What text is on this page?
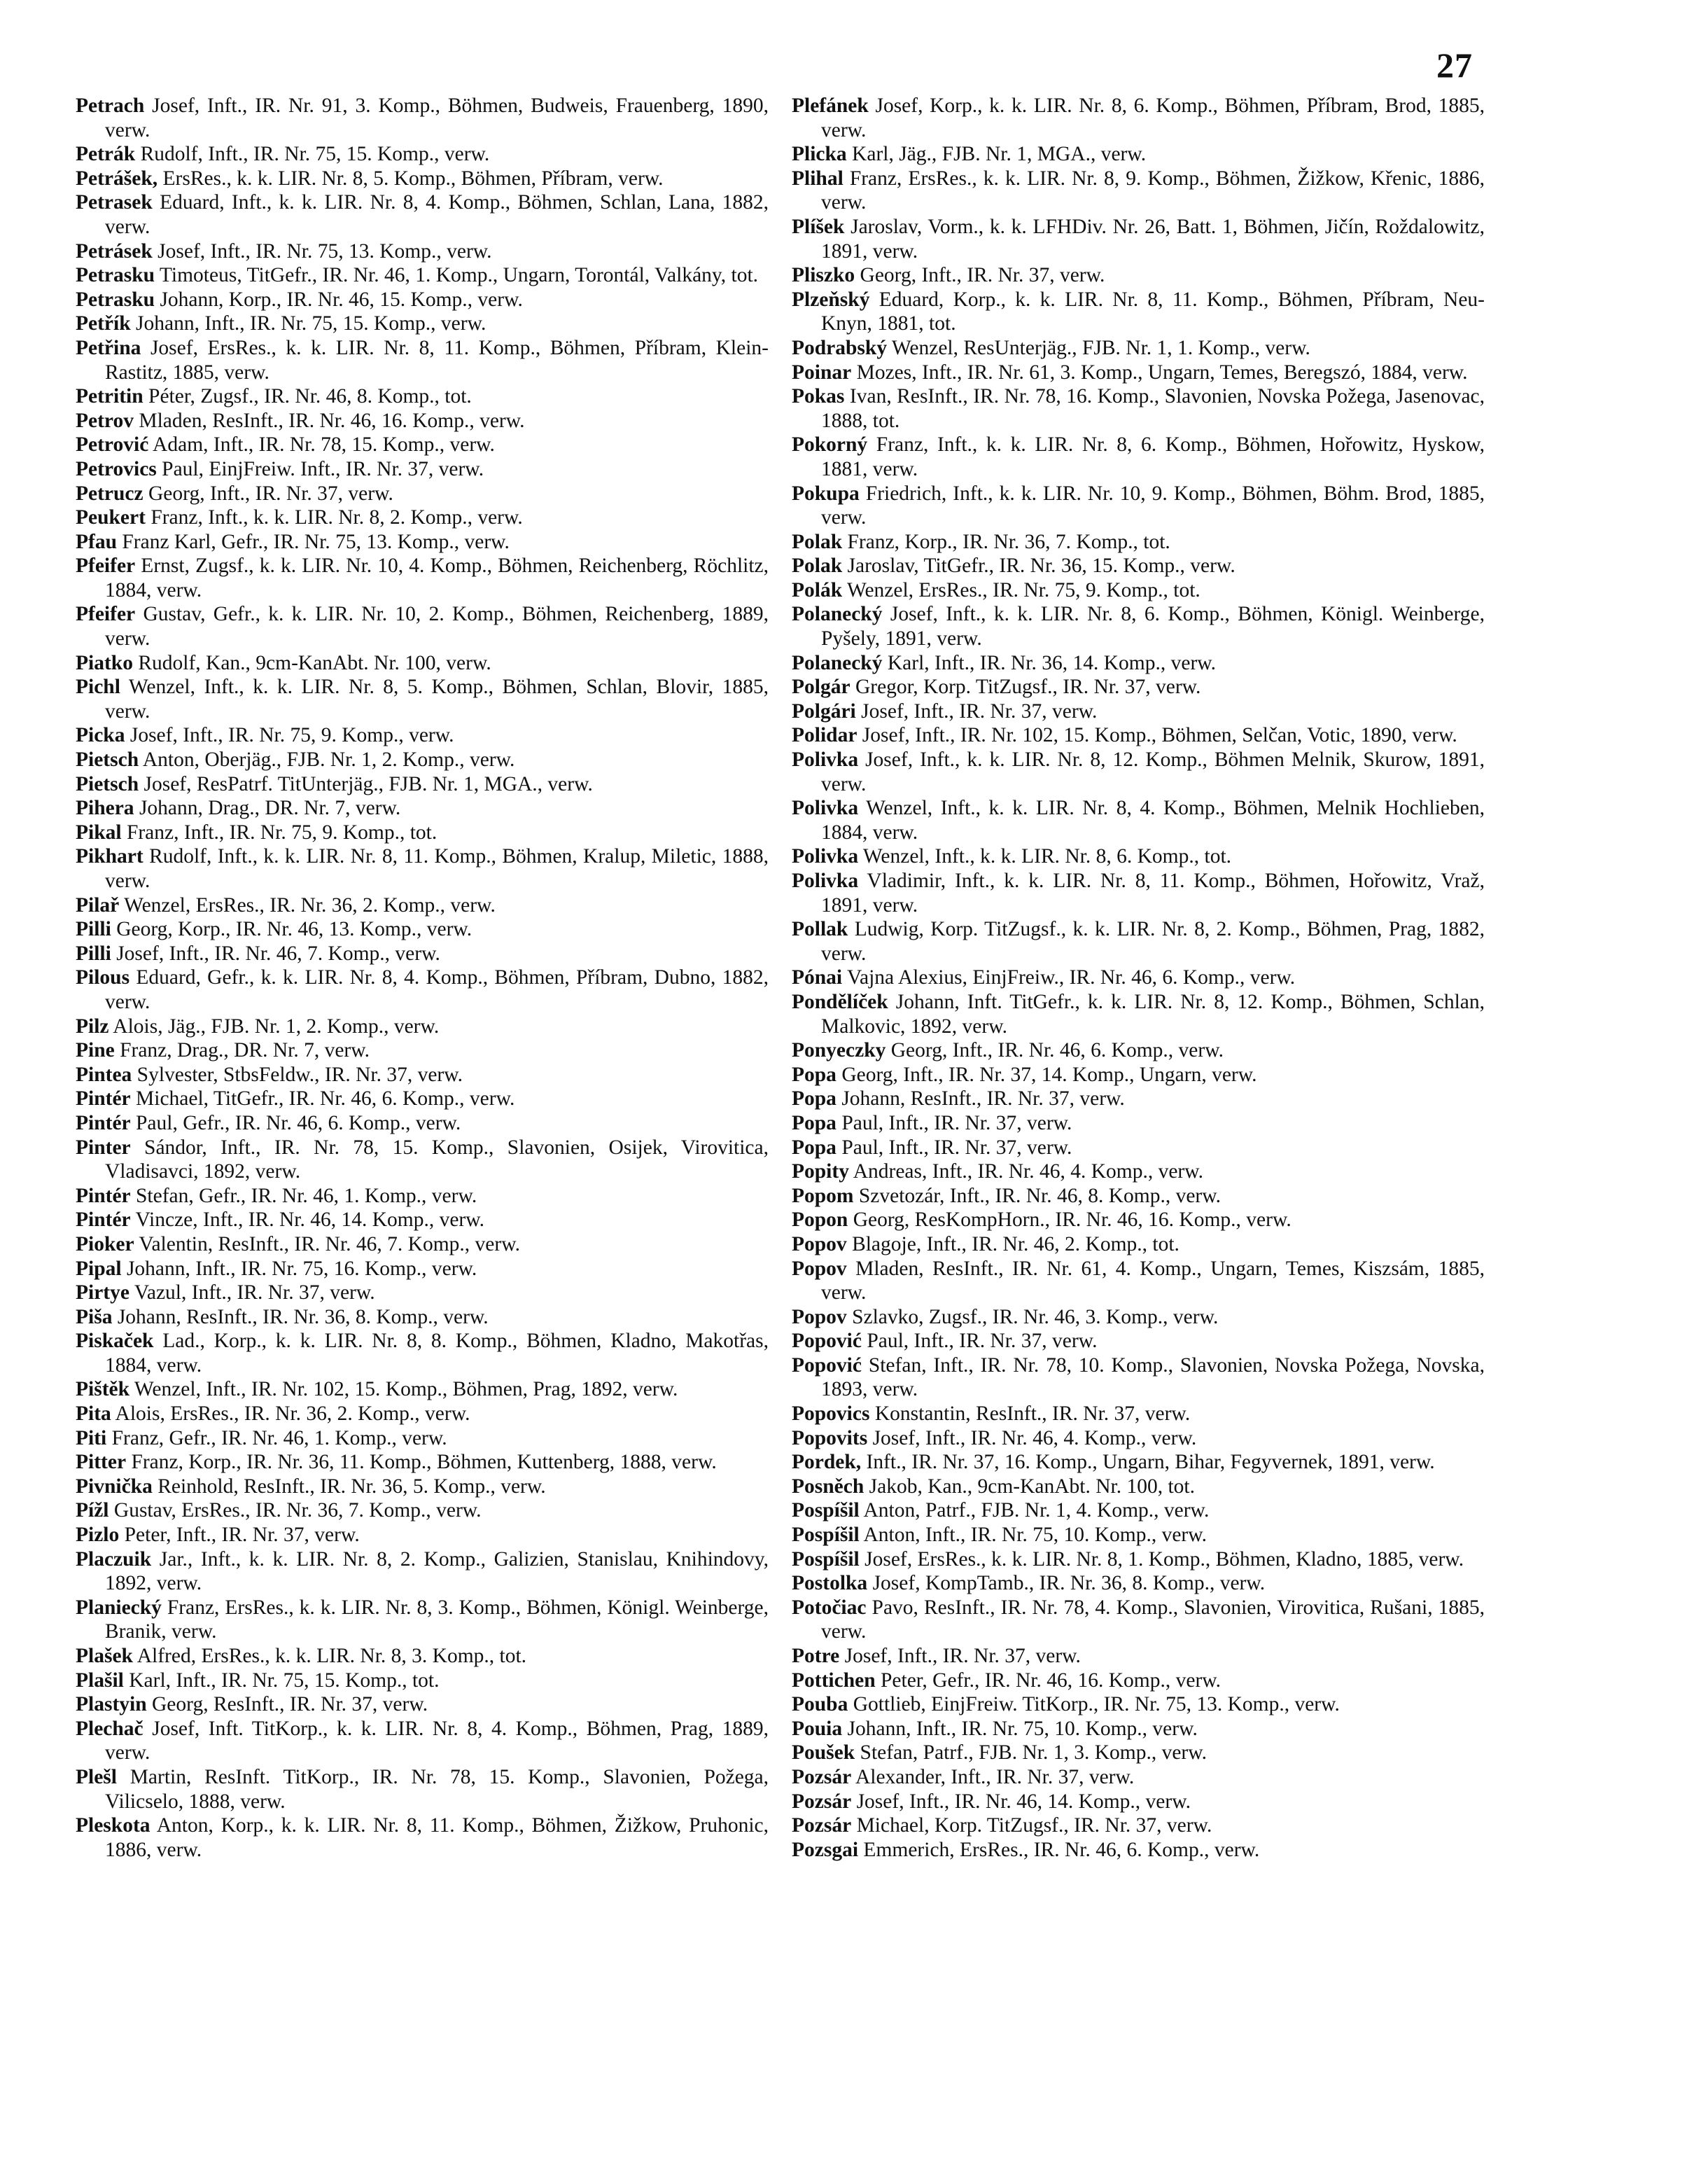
27

Petrach Josef, Inft., IR. Nr. 91, 3. Komp., Böhmen, Budweis, Frauenberg, 1890, verw.

Petrák Rudolf, Inft., IR. Nr. 75, 15. Komp., verw.

Petrášek, ErsRes., k. k. LIR. Nr. 8, 5. Komp., Böhmen, Příbram, verw.

Petrasek Eduard, Inft., k. k. LIR. Nr. 8, 4. Komp., Böhmen, Schlan, Lana, 1882, verw.

Petrásek Josef, Inft., IR. Nr. 75, 13. Komp., verw.

Petrasku Timoteus, TitGefr., IR. Nr. 46, 1. Komp., Ungarn, Torontál, Valkány, tot.

Petrasku Johann, Korp., IR. Nr. 46, 15. Komp., verw.

Petřík Johann, Inft., IR. Nr. 75, 15. Komp., verw.

Petřina Josef, ErsRes., k. k. LIR. Nr. 8, 11. Komp., Böhmen, Příbram, Klein-Rastitz, 1885, verw.

Petritin Péter, Zugsf., IR. Nr. 46, 8. Komp., tot.

Petrov Mladen, ResInft., IR. Nr. 46, 16. Komp., verw.

Petrović Adam, Inft., IR. Nr. 78, 15. Komp., verw.

Petrovics Paul, EinjFreiw. Inft., IR. Nr. 37, verw.

Petrucz Georg, Inft., IR. Nr. 37, verw.

Peukert Franz, Inft., k. k. LIR. Nr. 8, 2. Komp., verw.

Pfau Franz Karl, Gefr., IR. Nr. 75, 13. Komp., verw.

Pfeifer Ernst, Zugsf., k. k. LIR. Nr. 10, 4. Komp., Böhmen, Reichenberg, Röchlitz, 1884, verw.

Pfeifer Gustav, Gefr., k. k. LIR. Nr. 10, 2. Komp., Böhmen, Reichenberg, 1889, verw.

Piatko Rudolf, Kan., 9cm-KanAbt. Nr. 100, verw.

Pichl Wenzel, Inft., k. k. LIR. Nr. 8, 5. Komp., Böhmen, Schlan, Blovir, 1885, verw.

Picka Josef, Inft., IR. Nr. 75, 9. Komp., verw.

Pietsch Anton, Oberjäg., FJB. Nr. 1, 2. Komp., verw.

Pietsch Josef, ResPatrf. TitUnterjäg., FJB. Nr. 1, MGA., verw.

Pihera Johann, Drag., DR. Nr. 7, verw.

Pikal Franz, Inft., IR. Nr. 75, 9. Komp., tot.

Pikhart Rudolf, Inft., k. k. LIR. Nr. 8, 11. Komp., Böhmen, Kralup, Miletic, 1888, verw.

Pilař Wenzel, ErsRes., IR. Nr. 36, 2. Komp., verw.

Pilli Georg, Korp., IR. Nr. 46, 13. Komp., verw.

Pilli Josef, Inft., IR. Nr. 46, 7. Komp., verw.

Pilous Eduard, Gefr., k. k. LIR. Nr. 8, 4. Komp., Böhmen, Příbram, Dubno, 1882, verw.

Pilz Alois, Jäg., FJB. Nr. 1, 2. Komp., verw.

Pine Franz, Drag., DR. Nr. 7, verw.

Pintea Sylvester, StbsFeldw., IR. Nr. 37, verw.

Pintér Michael, TitGefr., IR. Nr. 46, 6. Komp., verw.

Pintér Paul, Gefr., IR. Nr. 46, 6. Komp., verw.

Pinter Sándor, Inft., IR. Nr. 78, 15. Komp., Slavonien, Osijek, Virovitica, Vladisavci, 1892, verw.

Pintér Stefan, Gefr., IR. Nr. 46, 1. Komp., verw.

Pintér Vincze, Inft., IR. Nr. 46, 14. Komp., verw.

Pioker Valentin, ResInft., IR. Nr. 46, 7. Komp., verw.

Pipal Johann, Inft., IR. Nr. 75, 16. Komp., verw.

Pirtye Vazul, Inft., IR. Nr. 37, verw.

Piša Johann, ResInft., IR. Nr. 36, 8. Komp., verw.

Piskaček Lad., Korp., k. k. LIR. Nr. 8, 8. Komp., Böhmen, Kladno, Makotřas, 1884, verw.

Pištěk Wenzel, Inft., IR. Nr. 102, 15. Komp., Böhmen, Prag, 1892, verw.

Pita Alois, ErsRes., IR. Nr. 36, 2. Komp., verw.

Piti Franz, Gefr., IR. Nr. 46, 1. Komp., verw.

Pitter Franz, Korp., IR. Nr. 36, 11. Komp., Böhmen, Kuttenberg, 1888, verw.

Pivnička Reinhold, ResInft., IR. Nr. 36, 5. Komp., verw.

Pížl Gustav, ErsRes., IR. Nr. 36, 7. Komp., verw.

Pizlo Peter, Inft., IR. Nr. 37, verw.

Placzuik Jar., Inft., k. k. LIR. Nr. 8, 2. Komp., Galizien, Stanislau, Knihindovy, 1892, verw.

Planiecký Franz, ErsRes., k. k. LIR. Nr. 8, 3. Komp., Böhmen, Königl. Weinberge, Branik, verw.

Plašek Alfred, ErsRes., k. k. LIR. Nr. 8, 3. Komp., tot.

Plašil Karl, Inft., IR. Nr. 75, 15. Komp., tot.

Plastyin Georg, ResInft., IR. Nr. 37, verw.

Plechač Josef, Inft. TitKorp., k. k. LIR. Nr. 8, 4. Komp., Böhmen, Prag, 1889, verw.

Plešl Martin, ResInft. TitKorp., IR. Nr. 78, 15. Komp., Slavonien, Požega, Vilicselo, 1888, verw.

Pleskota Anton, Korp., k. k. LIR. Nr. 8, 11. Komp., Böhmen, Žižkow, Pruhonic, 1886, verw.

Plefánek Josef, Korp., k. k. LIR. Nr. 8, 6. Komp., Böhmen, Příbram, Brod, 1885, verw.

Plicka Karl, Jäg., FJB. Nr. 1, MGA., verw.

Plihal Franz, ErsRes., k. k. LIR. Nr. 8, 9. Komp., Böhmen, Žižkow, Křenic, 1886, verw.

Plíšek Jaroslav, Vorm., k. k. LFHDiv. Nr. 26, Batt. 1, Böhmen, Jičín, Roždalowitz, 1891, verw.

Pliszko Georg, Inft., IR. Nr. 37, verw.

Plzeňský Eduard, Korp., k. k. LIR. Nr. 8, 11. Komp., Böhmen, Příbram, Neu-Knyn, 1881, tot.

Podrabský Wenzel, ResUnterjäg., FJB. Nr. 1, 1. Komp., verw.

Poinar Mozes, Inft., IR. Nr. 61, 3. Komp., Ungarn, Temes, Beregszó, 1884, verw.

Pokas Ivan, ResInft., IR. Nr. 78, 16. Komp., Slavonien, Novska Požega, Jasenovac, 1888, tot.

Pokorný Franz, Inft., k. k. LIR. Nr. 8, 6. Komp., Böhmen, Hořowitz, Hyskow, 1881, verw.

Pokupa Friedrich, Inft., k. k. LIR. Nr. 10, 9. Komp., Böhmen, Böhm. Brod, 1885, verw.

Polak Franz, Korp., IR. Nr. 36, 7. Komp., tot.

Polak Jaroslav, TitGefr., IR. Nr. 36, 15. Komp., verw.

Polák Wenzel, ErsRes., IR. Nr. 75, 9. Komp., tot.

Polanecký Josef, Inft., k. k. LIR. Nr. 8, 6. Komp., Böhmen, Königl. Weinberge, Pyšely, 1891, verw.

Polanecký Karl, Inft., IR. Nr. 36, 14. Komp., verw.

Polgár Gregor, Korp. TitZugsf., IR. Nr. 37, verw.

Polgári Josef, Inft., IR. Nr. 37, verw.

Polidar Josef, Inft., IR. Nr. 102, 15. Komp., Böhmen, Selčan, Votic, 1890, verw.

Polivka Josef, Inft., k. k. LIR. Nr. 8, 12. Komp., Böhmen Melnik, Skurow, 1891, verw.

Polivka Wenzel, Inft., k. k. LIR. Nr. 8, 4. Komp., Böhmen, Melnik Hochlieben, 1884, verw.

Polivka Wenzel, Inft., k. k. LIR. Nr. 8, 6. Komp., tot.

Polivka Vladimir, Inft., k. k. LIR. Nr. 8, 11. Komp., Böhmen, Hořowitz, Vraž, 1891, verw.

Pollak Ludwig, Korp. TitZugsf., k. k. LIR. Nr. 8, 2. Komp., Böhmen, Prag, 1882, verw.

Pónai Vajna Alexius, EinjFreiw., IR. Nr. 46, 6. Komp., verw.

Pondělíček Johann, Inft. TitGefr., k. k. LIR. Nr. 8, 12. Komp., Böhmen, Schlan, Malkovic, 1892, verw.

Ponyeczky Georg, Inft., IR. Nr. 46, 6. Komp., verw.

Popa Georg, Inft., IR. Nr. 37, 14. Komp., Ungarn, verw.

Popa Johann, ResInft., IR. Nr. 37, verw.

Popa Paul, Inft., IR. Nr. 37, verw.

Popa Paul, Inft., IR. Nr. 37, verw.

Popity Andreas, Inft., IR. Nr. 46, 4. Komp., verw.

Popom Szvetozár, Inft., IR. Nr. 46, 8. Komp., verw.

Popon Georg, ResKompHorn., IR. Nr. 46, 16. Komp., verw.

Popov Blagoje, Inft., IR. Nr. 46, 2. Komp., tot.

Popov Mladen, ResInft., IR. Nr. 61, 4. Komp., Ungarn, Temes, Kiszsám, 1885, verw.

Popov Szlavko, Zugsf., IR. Nr. 46, 3. Komp., verw.

Popović Paul, Inft., IR. Nr. 37, verw.

Popović Stefan, Inft., IR. Nr. 78, 10. Komp., Slavonien, Novska Požega, Novska, 1893, verw.

Popovics Konstantin, ResInft., IR. Nr. 37, verw.

Popovits Josef, Inft., IR. Nr. 46, 4. Komp., verw.

Pordek, Inft., IR. Nr. 37, 16. Komp., Ungarn, Bihar, Fegyvernek, 1891, verw.

Posněch Jakob, Kan., 9cm-KanAbt. Nr. 100, tot.

Pospíšil Anton, Patrf., FJB. Nr. 1, 4. Komp., verw.

Pospíšil Anton, Inft., IR. Nr. 75, 10. Komp., verw.

Pospíšil Josef, ErsRes., k. k. LIR. Nr. 8, 1. Komp., Böhmen, Kladno, 1885, verw.

Postolka Josef, KompTamb., IR. Nr. 36, 8. Komp., verw.

Potočiac Pavo, ResInft., IR. Nr. 78, 4. Komp., Slavonien, Virovitica, Rušani, 1885, verw.

Potre Josef, Inft., IR. Nr. 37, verw.

Pottichen Peter, Gefr., IR. Nr. 46, 16. Komp., verw.

Pouba Gottlieb, EinjFreiw. TitKorp., IR. Nr. 75, 13. Komp., verw.

Pouia Johann, Inft., IR. Nr. 75, 10. Komp., verw.

Poušek Stefan, Patrf., FJB. Nr. 1, 3. Komp., verw.

Pozsár Alexander, Inft., IR. Nr. 37, verw.

Pozsár Josef, Inft., IR. Nr. 46, 14. Komp., verw.

Pozsár Michael, Korp. TitZugsf., IR. Nr. 37, verw.

Pozsgai Emmerich, ErsRes., IR. Nr. 46, 6. Komp., verw.
